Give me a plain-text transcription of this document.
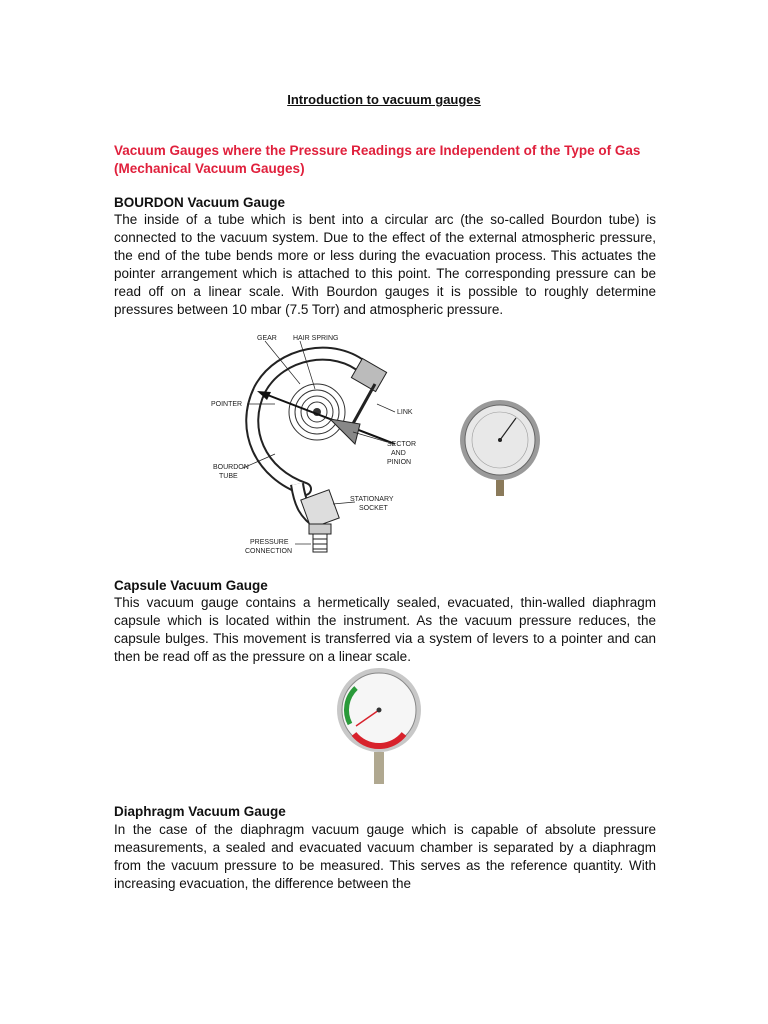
Introduction to vacuum gauges
Vacuum Gauges where the Pressure Readings are Independent of the Type of Gas (Mechanical Vacuum Gauges)
BOURDON Vacuum Gauge
The inside of a tube which is bent into a circular arc (the so-called Bourdon tube) is connected to the vacuum system. Due to the effect of the external atmospheric pressure, the end of the tube bends more or less during the evacuation process. This actuates the pointer arrangement which is attached to this point. The corresponding pressure can be read off on a linear scale. With Bourdon gauges it is possible to roughly determine pressures between 10 mbar (7.5 Torr) and atmospheric pressure.
GEAR HAIR SPRING
POINTER
LINK
SECTOR
AND
PINION
BOURDON
TUBE
STATIONARY
SOCKET
PRESSURE
CONNECTION
Capsule Vacuum Gauge
This vacuum gauge contains a hermetically sealed, evacuated, thin-walled diaphragm capsule which is located within the instrument. As the vacuum pressure reduces, the capsule bulges. This movement is transferred via a system of levers to a pointer and can then be read off as the pressure on a linear scale.
Diaphragm Vacuum Gauge
In the case of the diaphragm vacuum gauge which is capable of absolute pressure measurements, a sealed and evacuated vacuum chamber is separated by a diaphragm from the vacuum pressure to be measured. This serves as the reference quantity. With increasing evacuation, the difference between the
